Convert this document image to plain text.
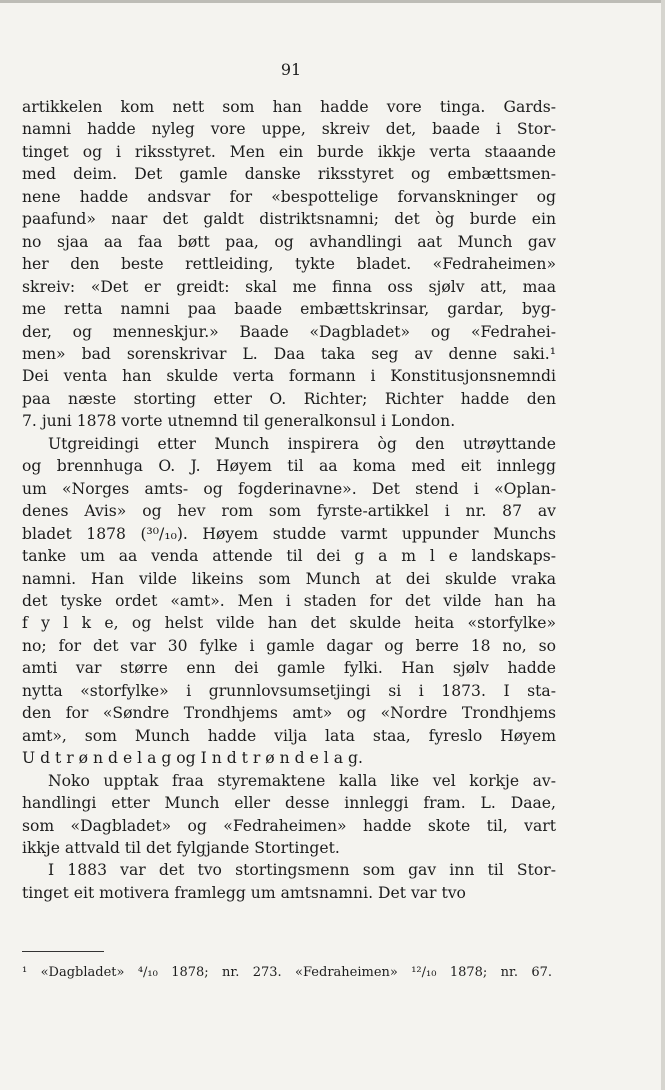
91
artikkelen kom nett som han hadde vore tinga. Gards-
namni hadde nyleg vore uppe, skreiv det, baade i Stor-
tinget og i riksstyret. Men ein burde ikkje verta staaande
med deim. Det gamle danske riksstyret og embættsmen-
nene hadde andsvar for «bespottelige forvanskninger og
paafund» naar det galdt distriktsnamni; det òg burde ein
no sjaa aa faa bøtt paa, og avhandlingi aat Munch gav
her den beste rettleiding, tykte bladet. «Fedraheimen»
skreiv: «Det er greidt: skal me finna oss sjølv att, maa
me retta namni paa baade embættskrinsar, gardar, byg-
der, og menneskjur.» Baade «Dagbladet» og «Fedrahei-
men» bad sorenskrivar L. Daa taka seg av denne saki.¹
Dei venta han skulde verta formann i Konstitusjonsnemndi
paa næste storting etter O. Richter; Richter hadde den
7. juni 1878 vorte utnemnd til generalkonsul i London.
Utgreidingi etter Munch inspirera òg den utrøyttande
og brennhuga O. J. Høyem til aa koma med eit innlegg
um «Norges amts- og fogderinavne». Det stend i «Oplan-
denes Avis» og hev rom som fyrste-artikkel i nr. 87 av
bladet 1878 (³⁰/₁₀). Høyem studde varmt uppunder Munchs
tanke um aa venda attende til dei g a m l e landskaps-
namni. Han vilde likeins som Munch at dei skulde vraka
det tyske ordet «amt». Men i staden for det vilde han ha
f y l k e, og helst vilde han det skulde heita «storfylke»
no; for det var 30 fylke i gamle dagar og berre 18 no, so
amti var større enn dei gamle fylki. Han sjølv hadde
nytta «storfylke» i grunnlovsumsetjingi si i 1873. I sta-
den for «Søndre Trondhjems amt» og «Nordre Trondhjems
amt», som Munch hadde vilja lata staa, fyreslo Høyem
U d t r ø n d e l a g og I n d t r ø n d e l a g.
Noko upptak fraa styremaktene kalla like vel korkje av-
handlingi etter Munch eller desse innleggi fram. L. Daae,
som «Dagbladet» og «Fedraheimen» hadde skote til, vart
ikkje attvald til det fylgjande Stortinget.
I 1883 var det tvo stortingsmenn som gav inn til Stor-
tinget eit motivera framlegg um amtsnamni. Det var tvo
¹ «Dagbladet» ⁴/₁₀ 1878; nr. 273. «Fedraheimen» ¹²/₁₀ 1878; nr. 67.
